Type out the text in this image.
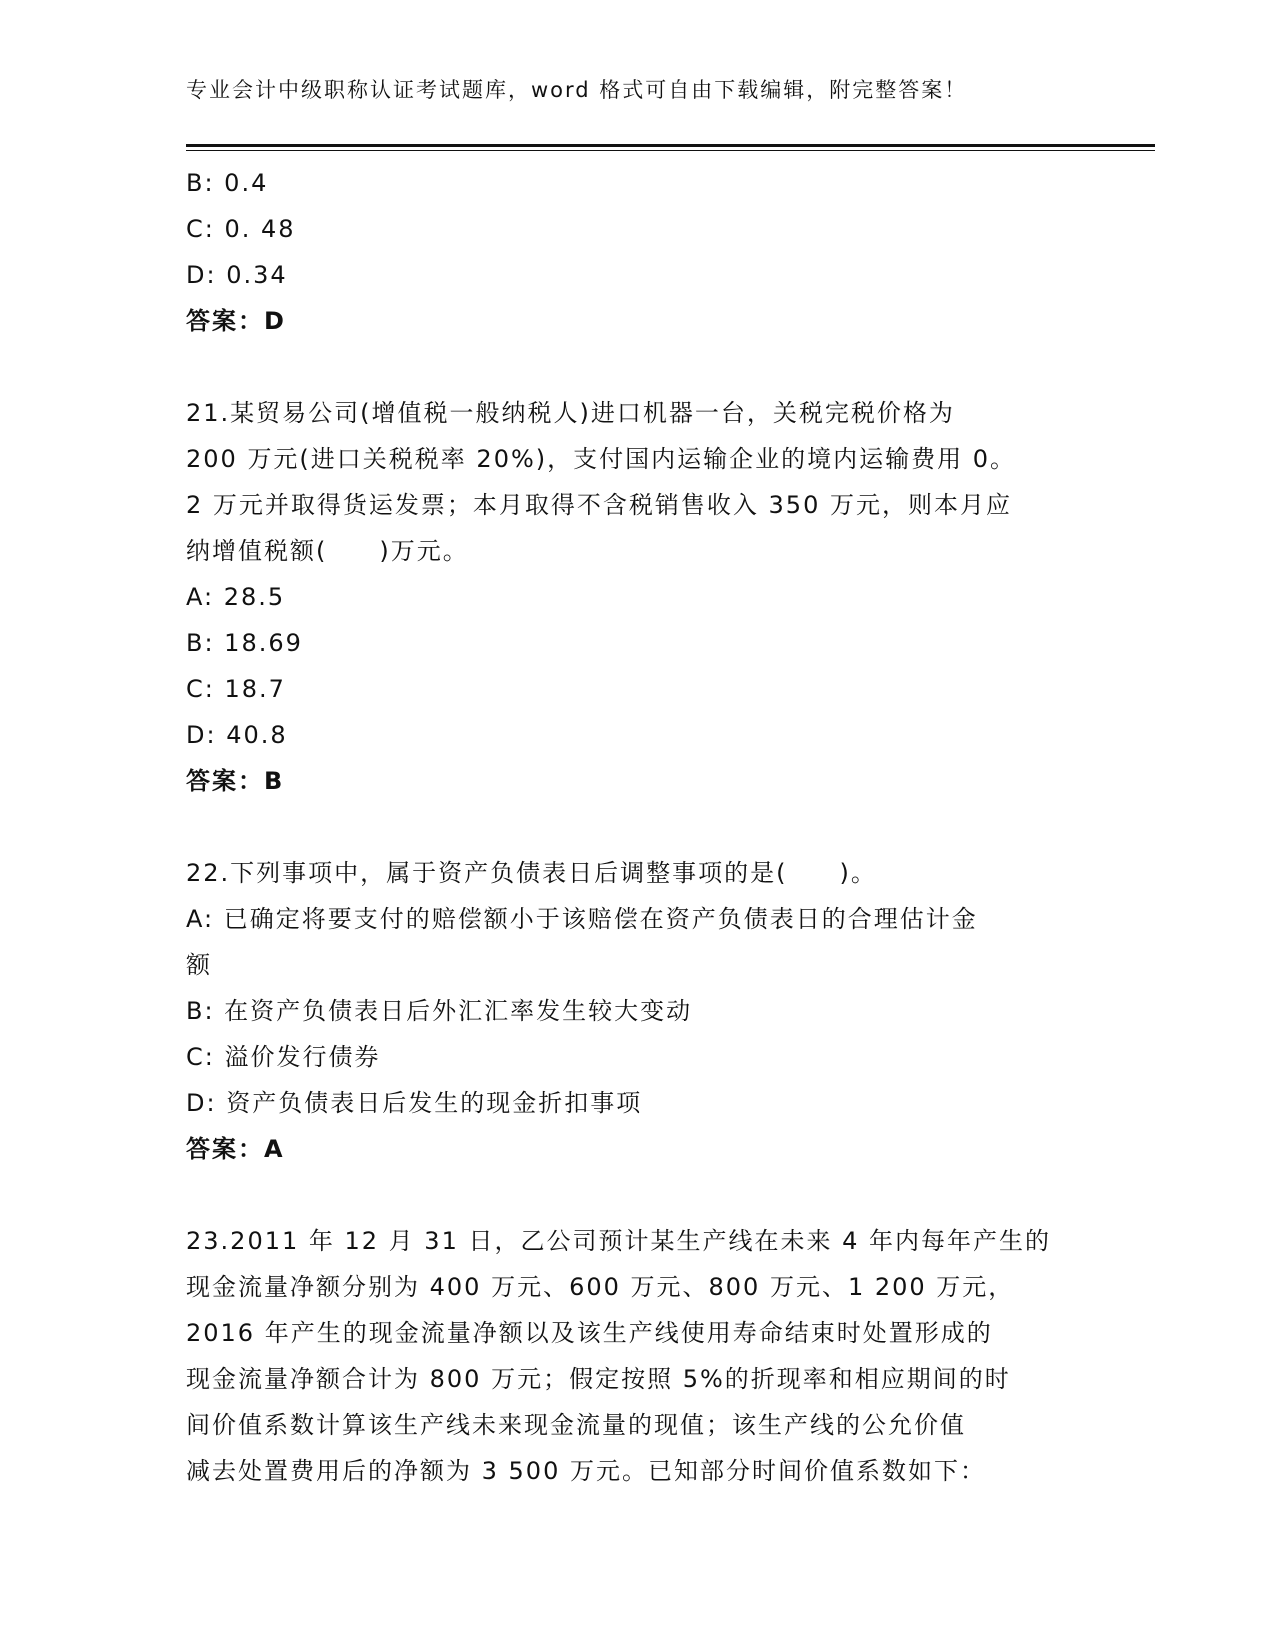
专业会计中级职称认证考试题库，word 格式可自由下载编辑，附完整答案！
B: 0.4
C: 0. 48
D: 0.34
答案：D
21.某贸易公司(增值税一般纳税人)进口机器一台，关税完税价格为
200 万元(进口关税税率 20%)，支付国内运输企业的境内运输费用 0。
2 万元并取得货运发票；本月取得不含税销售收入 350 万元，则本月应
纳增值税额(　　)万元。
A: 28.5
B: 18.69
C: 18.7
D: 40.8
答案：B
22.下列事项中，属于资产负债表日后调整事项的是(　　)。
A: 已确定将要支付的赔偿额小于该赔偿在资产负债表日的合理估计金
额
B: 在资产负债表日后外汇汇率发生较大变动
C: 溢价发行债券
D: 资产负债表日后发生的现金折扣事项
答案：A
23.2011 年 12 月 31 日，乙公司预计某生产线在未来 4 年内每年产生的
现金流量净额分别为 400 万元、600 万元、800 万元、1 200 万元，
2016 年产生的现金流量净额以及该生产线使用寿命结束时处置形成的
现金流量净额合计为 800 万元；假定按照 5%的折现率和相应期间的时
间价值系数计算该生产线未来现金流量的现值；该生产线的公允价值
减去处置费用后的净额为 3 500 万元。已知部分时间价值系数如下：
